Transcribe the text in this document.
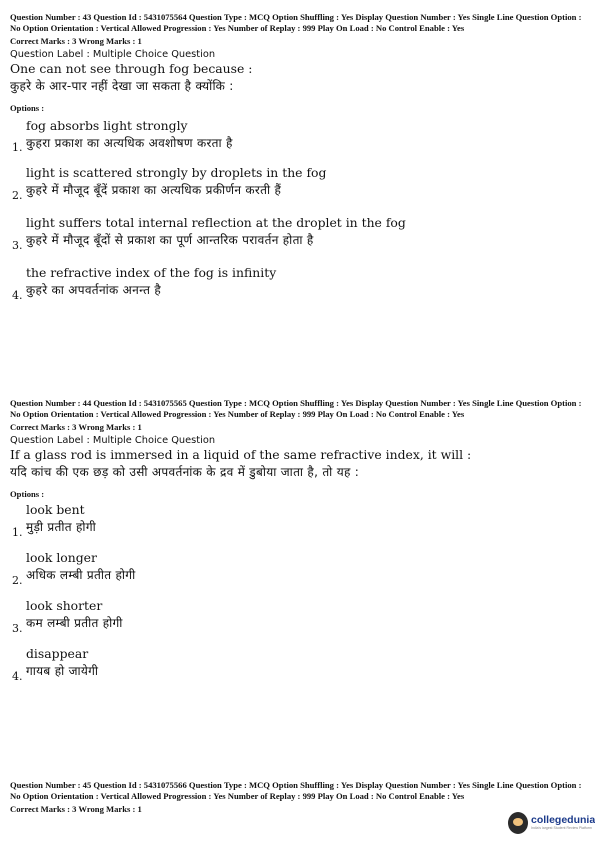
Question Number : 43 Question Id : 5431075564 Question Type : MCQ Option Shuffling : Yes Display Question Number : Yes Single Line Question Option : No Option Orientation : Vertical Allowed Progression : Yes Number of Replay : 999 Play On Load : No Control Enable : Yes
Correct Marks : 3 Wrong Marks : 1
Question Label : Multiple Choice Question
One can not see through fog because :
कुहरे के आर-पार नहीं देखा जा सकता है क्योंकि :
Options :
fog absorbs light strongly
कुहरा प्रकाश का अत्यधिक अवशोषण करता है
1.
light is scattered strongly by droplets in the fog
कुहरे में मौजूद बूँदें प्रकाश का अत्यधिक प्रकीर्णन करती हैं
2.
light suffers total internal reflection at the droplet in the fog
कुहरे में मौजूद बूँदों से प्रकाश का पूर्ण आन्तरिक परावर्तन होता है
3.
the refractive index of the fog is infinity
कुहरे का अपवर्तनांक अनन्त है
4.
Question Number : 44 Question Id : 5431075565 Question Type : MCQ Option Shuffling : Yes Display Question Number : Yes Single Line Question Option : No Option Orientation : Vertical Allowed Progression : Yes Number of Replay : 999 Play On Load : No Control Enable : Yes
Correct Marks : 3 Wrong Marks : 1
Question Label : Multiple Choice Question
If a glass rod is immersed in a liquid of the same refractive index, it will :
यदि कांच की एक छड़ को उसी अपवर्तनांक के द्रव में डुबोया जाता है, तो यह :
Options :
look bent
मुड़ी प्रतीत होगी
1.
look longer
अधिक लम्बी प्रतीत होगी
2.
look shorter
कम लम्बी प्रतीत होगी
3.
disappear
गायब हो जायेगी
4.
Question Number : 45 Question Id : 5431075566 Question Type : MCQ Option Shuffling : Yes Display Question Number : Yes Single Line Question Option : No Option Orientation : Vertical Allowed Progression : Yes Number of Replay : 999 Play On Load : No Control Enable : Yes
Correct Marks : 3 Wrong Marks : 1
collegedunia
India's largest Student Review Platform
